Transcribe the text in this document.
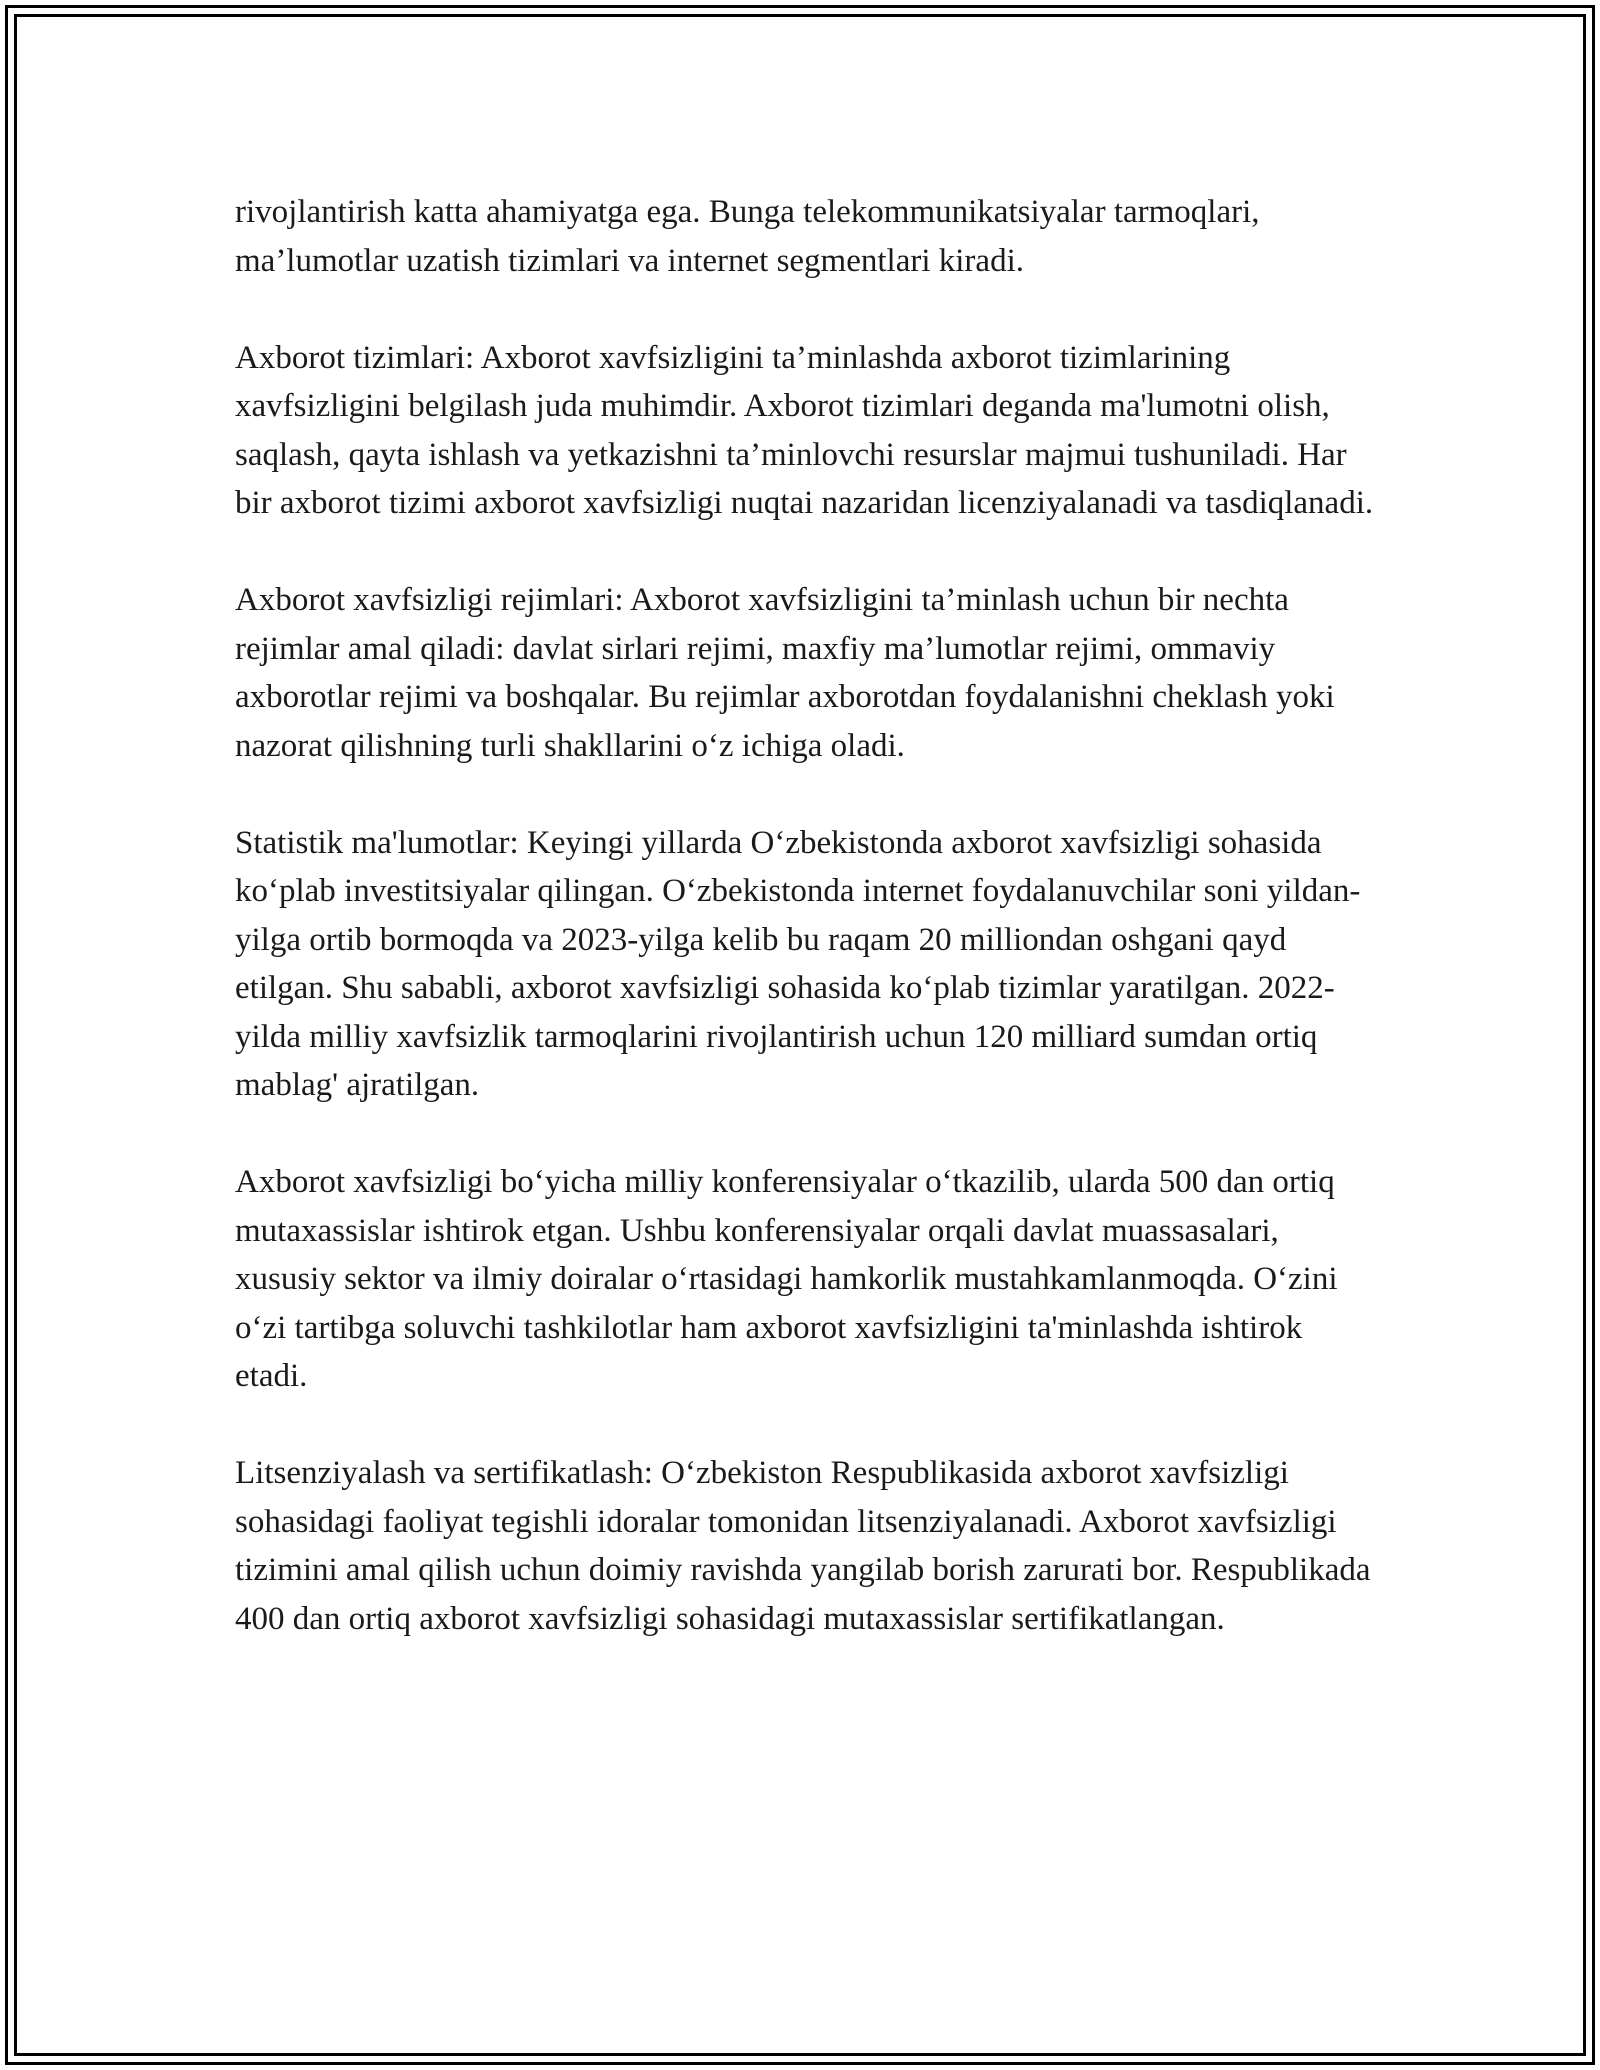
rivojlantirish katta ahamiyatga ega. Bunga telekommunikatsiyalar tarmoqlari, ma’lumotlar uzatish tizimlari va internet segmentlari kiradi.

Axborot tizimlari: Axborot xavfsizligini ta’minlashda axborot tizimlarining xavfsizligini belgilash juda muhimdir. Axborot tizimlari deganda ma'lumotni olish, saqlash, qayta ishlash va yetkazishni ta’minlovchi resurslar majmui tushuniladi. Har bir axborot tizimi axborot xavfsizligi nuqtai nazaridan licenziyalanadi va tasdiqlanadi.

Axborot xavfsizligi rejimlari: Axborot xavfsizligini ta’minlash uchun bir nechta rejimlar amal qiladi: davlat sirlari rejimi, maxfiy ma’lumotlar rejimi, ommaviy axborotlar rejimi va boshqalar. Bu rejimlar axborotdan foydalanishni cheklash yoki nazorat qilishning turli shakllarini oʻz ichiga oladi.

Statistik ma'lumotlar: Keyingi yillarda Oʻzbekistonda axborot xavfsizligi sohasida koʻplab investitsiyalar qilingan. Oʻzbekistonda internet foydalanuvchilar soni yildan-yilga ortib bormoqda va 2023-yilga kelib bu raqam 20 milliondan oshgani qayd etilgan. Shu sababli, axborot xavfsizligi sohasida koʻplab tizimlar yaratilgan. 2022-yilda milliy xavfsizlik tarmoqlarini rivojlantirish uchun 120 milliard sumdan ortiq mablag' ajratilgan.

Axborot xavfsizligi boʻyicha milliy konferensiyalar oʻtkazilib, ularda 500 dan ortiq mutaxassislar ishtirok etgan. Ushbu konferensiyalar orqali davlat muassasalari, xususiy sektor va ilmiy doiralar oʻrtasidagi hamkorlik mustahkamlanmoqda. Oʻzini oʻzi tartibga soluvchi tashkilotlar ham axborot xavfsizligini ta'minlashda ishtirok etadi.

Litsenziyalash va sertifikatlash: Oʻzbekiston Respublikasida axborot xavfsizligi sohasidagi faoliyat tegishli idoralar tomonidan litsenziyalanadi. Axborot xavfsizligi tizimini amal qilish uchun doimiy ravishda yangilab borish zarurati bor. Respublikada 400 dan ortiq axborot xavfsizligi sohasidagi mutaxassislar sertifikatlangan.
